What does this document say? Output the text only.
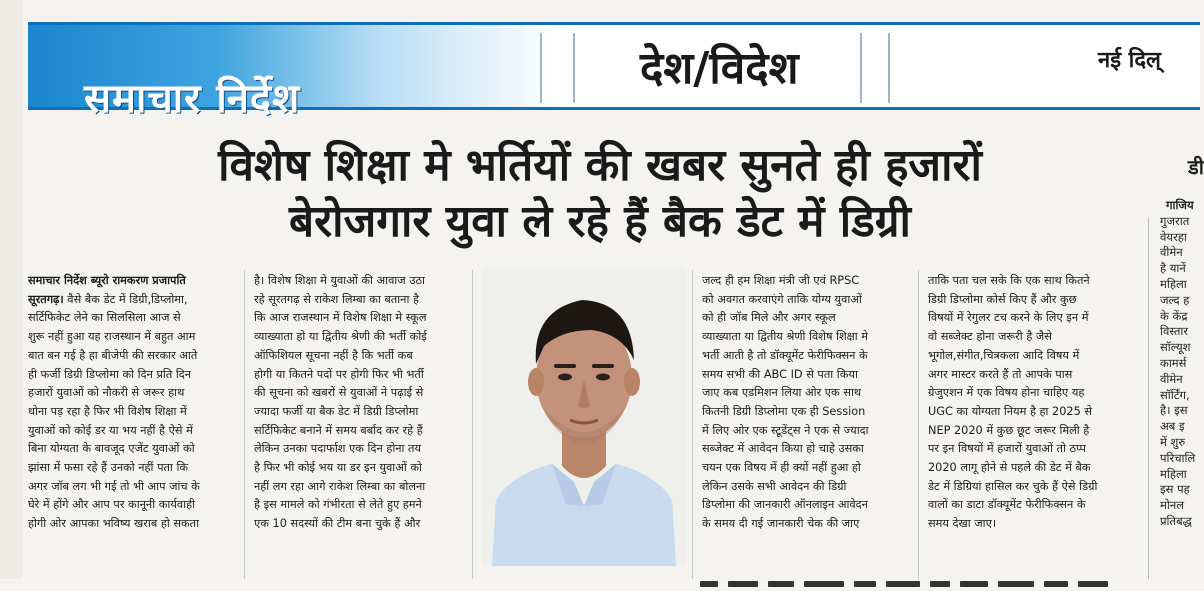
समाचार निर्देश
देश/विदेश	नई दिल्
विशेष शिक्षा मे भर्तियों की खबर सुनते ही हजारों
बेरोजगार युवा ले रहे हैं बैक डेट में डिग्री
समाचार निर्देश ब्यूरो रामकरण प्रजापति
सूरतगढ़। वैसे बैक डेट में डिग्री,डिप्लोमा,
सर्टिफिकेट लेने का सिलसिला आज से
शुरू नहीं हुआ यह राजस्थान में बहुत आम
बात बन गई है हा बीजेपी की सरकार आते
ही फर्जी डिग्री डिप्लोमा को दिन प्रति दिन
हजारों युवाओं को नौकरी से जरूर हाथ
धोना पड़ रहा है फिर भी विशेष शिक्षा में
युवाओं को कोई डर या भय नहीं है ऐसे में
बिना योग्यता के बावजूद एजेंट युवाओं को
झांसा में फसा रहे हैं उनको नहीं पता कि
अगर जॉब लग भी गई तो भी आप जांच के
घेरे में होंगे और आप पर कानूनी कार्यवाही
होगी ओर आपका भविष्य खराब हो सकता
है। विशेष शिक्षा मे युवाओं की आवाज उठा
रहे सूरतगढ़ से राकेश लिम्बा का बताना है
कि आज राजस्थान में विशेष शिक्षा मे स्कूल
व्याख्याता हो या द्वितीय श्रेणी की भर्ती कोई
ऑफिशियल सूचना नहीं है कि भर्ती कब
होगी या कितने पदों पर होगी फिर भी भर्ती
की सूचना को खबरों से युवाओं ने पढ़ाई से
ज्यादा फर्जी या बैक डेट में डिग्री डिप्लोमा
सर्टिफिकेट बनाने में समय बर्बाद कर रहे हैं
लेकिन उनका पदार्फाश एक दिन होना तय
है फिर भी कोई भय या डर इन युवाओं को
नहीं लग रहा आगे राकेश लिम्बा का बोलना
है इस मामले को गंभीरता से लेते हुए हमने
एक 10 सदस्यों की टीम बना चुके हैं और
जल्द ही हम शिक्षा मंत्री जी एवं RPSC
को अवगत करवाएंगे ताकि योग्य युवाओं
को ही जॉब मिले और अगर स्कूल
व्याख्याता या द्वितीय श्रेणी विशेष शिक्षा मे
भर्ती आती है तो डॉक्यूमेंट फेरीफिक्सन के
समय सभी की ABC ID से पता किया
जाए कब एडमिशन लिया ओर एक साथ
कितनी डिग्री डिप्लोमा एक ही Session
में लिए ओर एक स्टूडेंट्स ने एक से ज्यादा
सब्जेक्ट में आवेदन किया हो चाहे उसका
चयन एक विषय में ही क्यों नहीं हुआ हो
लेकिन उसके सभी आवेदन की डिग्री
डिप्लोमा की जानकारी ऑनलाइन आवेदन
के समय दी गई जानकारी चेक की जाए
ताकि पता चल सके कि एक साथ कितने
डिग्री डिप्लोमा कोर्स किए हैं और कुछ
विषयों में रेगुलर टच करने के लिए इन में
वो सब्जेक्ट होना जरूरी है जैसे
भूगोल,संगीत,चित्रकला आदि विषय में
अगर मास्टर करते हैं तो आपके पास
ग्रेजुएशन में एक विषय होना चाहिए यह
UGC का योग्यता नियम है हा 2025 से
NEP 2020 में कुछ छूट जरूर मिली है
पर इन विषयों में हजारों युवाओं तो ठप्प
2020 लागू होने से पहले की डेट में बैक
डेट में डिग्रियां हासिल कर चुके हैं ऐसे डिग्री
वालों का डाटा डॉक्यूमेंट फेरीफिक्सन के
समय देखा जाए।
डी
गाजिय
गुजरात
वेयरहा
वीमेन
है यानें
महिला
जल्द ह
के केंद्र
विस्तार
सॉल्यूश
कामर्स
वीमेन
सॉर्टिंग,
है। इस
अब इ
में शुरु
परिचालि
महिला
इस पह
मोनल
प्रतिबद्ध
